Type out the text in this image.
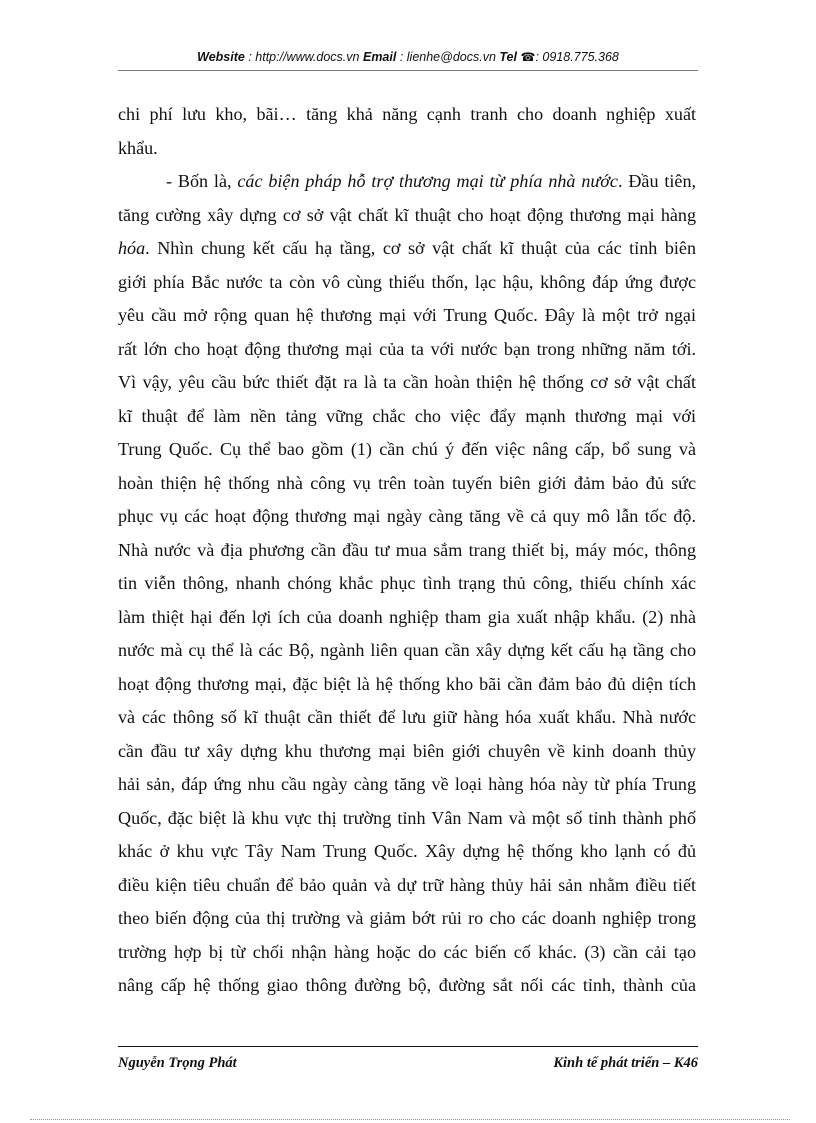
Website : http://www.docs.vn Email : lienhe@docs.vn Tel ☎: 0918.775.368
chi phí lưu kho, bãi… tăng khả năng cạnh tranh cho doanh nghiệp xuất
khẩu.
- Bốn là, các biện pháp hỗ trợ thương mại từ phía nhà nước. Đầu tiên,
tăng cường xây dựng cơ sở vật chất kĩ thuật cho hoạt động thương mại hàng
hóa. Nhìn chung kết cấu hạ tầng, cơ sở vật chất kĩ thuật của các tỉnh biên
giới phía Bắc nước ta còn vô cùng thiếu thốn, lạc hậu, không đáp ứng được
yêu cầu mở rộng quan hệ thương mại với Trung Quốc. Đây là một trở ngại
rất lớn cho hoạt động thương mại của ta với nước bạn trong những năm tới.
Vì vậy, yêu cầu bức thiết đặt ra là ta cần hoàn thiện hệ thống cơ sở vật chất
kĩ thuật để làm nền tảng vững chắc cho việc đẩy mạnh thương mại với
Trung Quốc. Cụ thể bao gồm (1) cần chú ý đến việc nâng cấp, bổ sung và
hoàn thiện hệ thống nhà công vụ trên toàn tuyến biên giới đảm bảo đủ sức
phục vụ các hoạt động thương mại ngày càng tăng về cả quy mô lẫn tốc độ.
Nhà nước và địa phương cần đầu tư mua sắm trang thiết bị, máy móc, thông
tin viễn thông, nhanh chóng khắc phục tình trạng thủ công, thiếu chính xác
làm thiệt hại đến lợi ích của doanh nghiệp tham gia xuất nhập khẩu. (2) nhà
nước mà cụ thể là các Bộ, ngành liên quan cần xây dựng kết cấu hạ tầng cho
hoạt động thương mại, đặc biệt là hệ thống kho bãi cần đảm bảo đủ diện tích
và các thông số kĩ thuật cần thiết để lưu giữ hàng hóa xuất khẩu. Nhà nước
cần đầu tư xây dựng khu thương mại biên giới chuyên về kinh doanh thủy
hải sản, đáp ứng nhu cầu ngày càng tăng về loại hàng hóa này từ phía Trung
Quốc, đặc biệt là khu vực thị trường tỉnh Vân Nam và một số tỉnh thành phố
khác ở khu vực Tây Nam Trung Quốc. Xây dựng hệ thống kho lạnh có đủ
điều kiện tiêu chuẩn để bảo quản và dự trữ hàng thủy hải sản nhằm điều tiết
theo biến động của thị trường và giảm bớt rủi ro cho các doanh nghiệp trong
trường hợp bị từ chối nhận hàng hoặc do các biến cố khác. (3) cần cải tạo
nâng cấp hệ thống giao thông đường bộ, đường sắt nối các tỉnh, thành của
Nguyễn Trọng Phát	Kinh tế phát triển – K46
